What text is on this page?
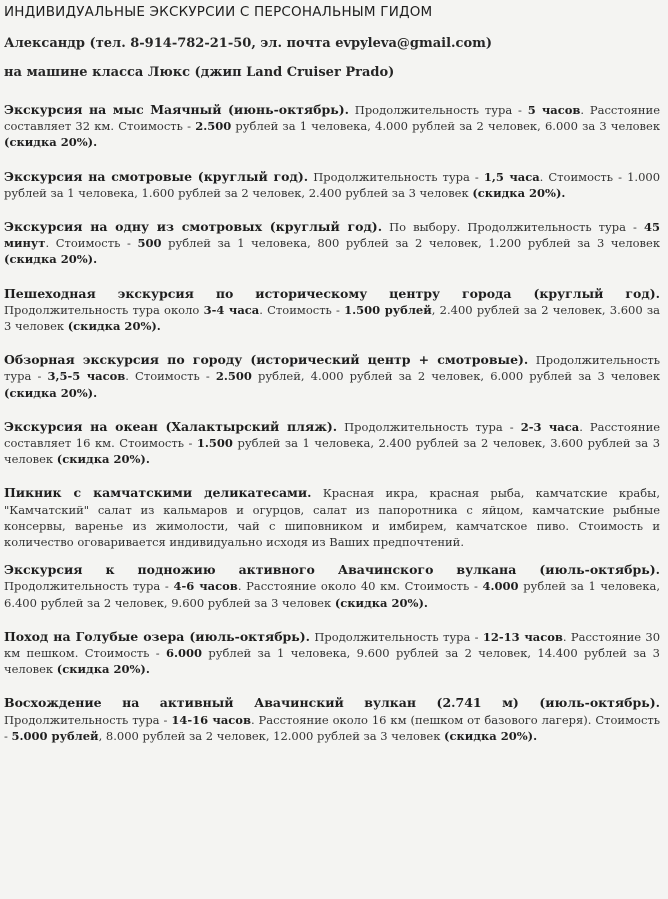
ИНДИВИДУАЛЬНЫЕ ЭКСКУРСИИ С ПЕРСОНАЛЬНЫМ ГИДОМ
Александр (тел. 8-914-782-21-50, эл. почта evpyleva@gmail.com)
на машине класса Люкс (джип Land Cruiser Prado)

Экскурсия на мыс Маячный (июнь-октябрь). Продолжительность тура - 5 часов. Расстояние составляет 32 км. Стоимость - 2.500 рублей за 1 человека, 4.000 рублей за 2 человек, 6.000 за 3 человек (скидка 20%).

Экскурсия на смотровые (круглый год). Продолжительность тура - 1,5 часа. Стоимость - 1.000 рублей за 1 человека, 1.600 рублей за 2 человек, 2.400 рублей за 3 человек (скидка 20%).

Экскурсия на одну из смотровых (круглый год). По выбору. Продолжительность тура - 45 минут. Стоимость - 500 рублей за 1 человека, 800 рублей за 2 человек, 1.200 рублей за 3 человек (скидка 20%).

Пешеходная экскурсия по историческому центру города (круглый год). Продолжительность тура около 3-4 часа. Стоимость - 1.500 рублей, 2.400 рублей за 2 человек, 3.600 за 3 человек (скидка 20%).

Обзорная экскурсия по городу (исторический центр + смотровые). Продолжительность тура - 3,5-5 часов. Стоимость - 2.500 рублей, 4.000 рублей за 2 человек, 6.000 рублей за 3 человек (скидка 20%).

Экскурсия на океан (Халактырский пляж). Продолжительность тура - 2-3 часа. Расстояние составляет 16 км. Стоимость - 1.500 рублей за 1 человека, 2.400 рублей за 2 человек, 3.600 рублей за 3 человек (скидка 20%).

Пикник с камчатскими деликатесами. Красная икра, красная рыба, камчатские крабы, "Камчатский" салат из кальмаров и огурцов, салат из папоротника с яйцом, камчатские рыбные консервы, варенье из жимолости, чай с шиповником и имбирем, камчатское пиво. Стоимость и количество оговаривается индивидуально исходя из Ваших предпочтений.

Экскурсия к подножию активного Авачинского вулкана (июль-октябрь). Продолжительность тура - 4-6 часов. Расстояние около 40 км. Стоимость - 4.000 рублей за 1 человека, 6.400 рублей за 2 человек, 9.600 рублей за 3 человек (скидка 20%).

Поход на Голубые озера (июль-октябрь). Продолжительность тура - 12-13 часов. Расстояние 30 км пешком. Стоимость - 6.000 рублей за 1 человека, 9.600 рублей за 2 человек, 14.400 рублей за 3 человек (скидка 20%).

Восхождение на активный Авачинский вулкан (2.741 м) (июль-октябрь). Продолжительность тура - 14-16 часов. Расстояние около 16 км (пешком от базового лагеря). Стоимость - 5.000 рублей, 8.000 рублей за 2 человек, 12.000 рублей за 3 человек (скидка 20%).
